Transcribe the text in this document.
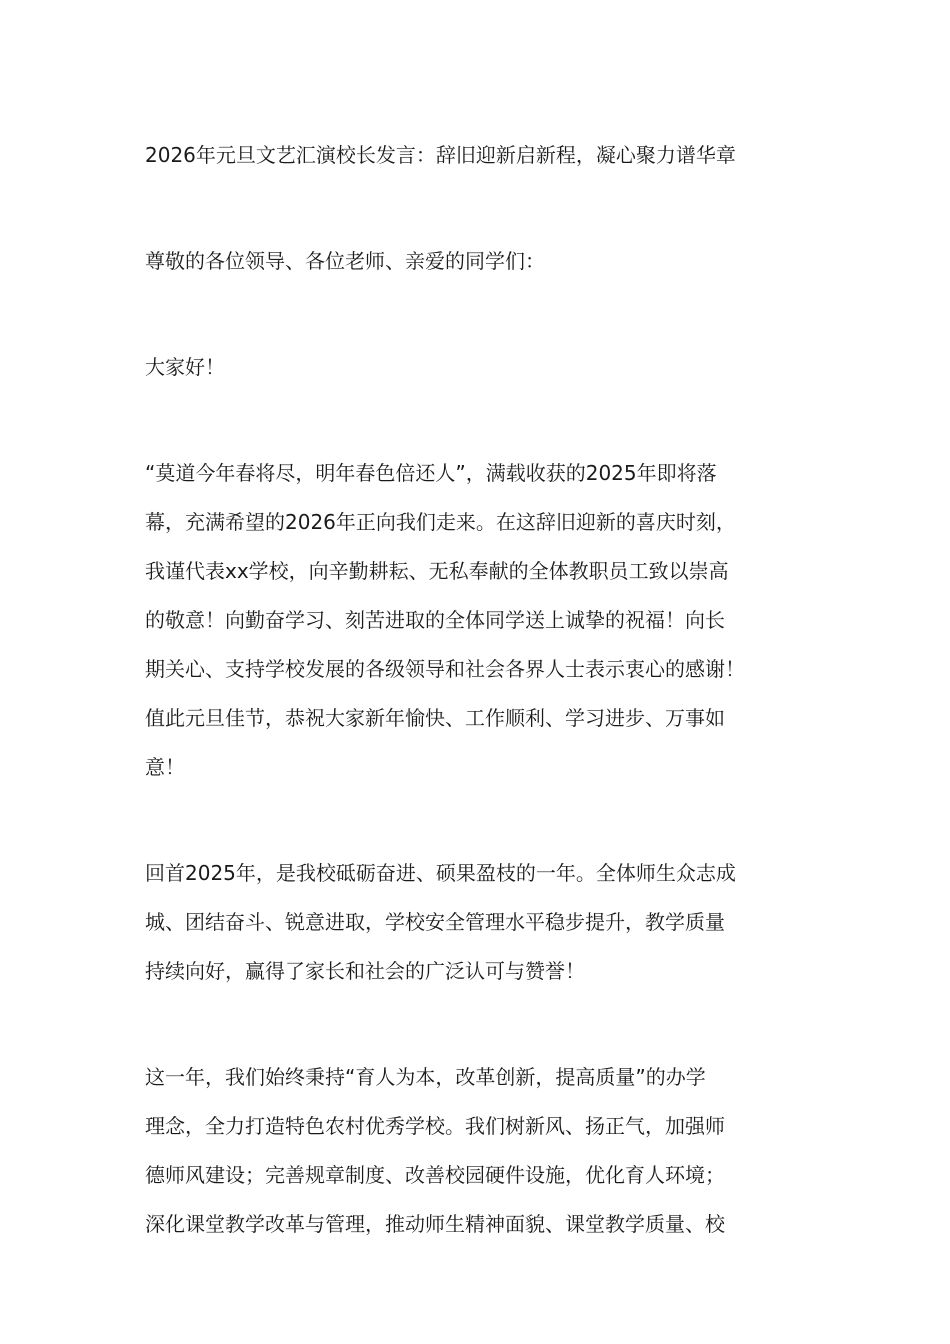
2026年元旦文艺汇演校长发言：辞旧迎新启新程，凝心聚力谱华章
尊敬的各位领导、各位老师、亲爱的同学们：
大家好！
“莫道今年春将尽，明年春色倍还人”，满载收获的2025年即将落
幕，充满希望的2026年正向我们走来。在这辞旧迎新的喜庆时刻，
我谨代表xx学校，向辛勤耕耘、无私奉献的全体教职员工致以崇高
的敬意！向勤奋学习、刻苦进取的全体同学送上诚挚的祝福！向长
期关心、支持学校发展的各级领导和社会各界人士表示衷心的感谢！
值此元旦佳节，恭祝大家新年愉快、工作顺利、学习进步、万事如
意！
回首2025年，是我校砥砺奋进、硕果盈枝的一年。全体师生众志成
城、团结奋斗、锐意进取，学校安全管理水平稳步提升，教学质量
持续向好，赢得了家长和社会的广泛认可与赞誉！
这一年，我们始终秉持“育人为本，改革创新，提高质量”的办学
理念，全力打造特色农村优秀学校。我们树新风、扬正气，加强师
德师风建设；完善规章制度、改善校园硬件设施，优化育人环境；
深化课堂教学改革与管理，推动师生精神面貌、课堂教学质量、校
